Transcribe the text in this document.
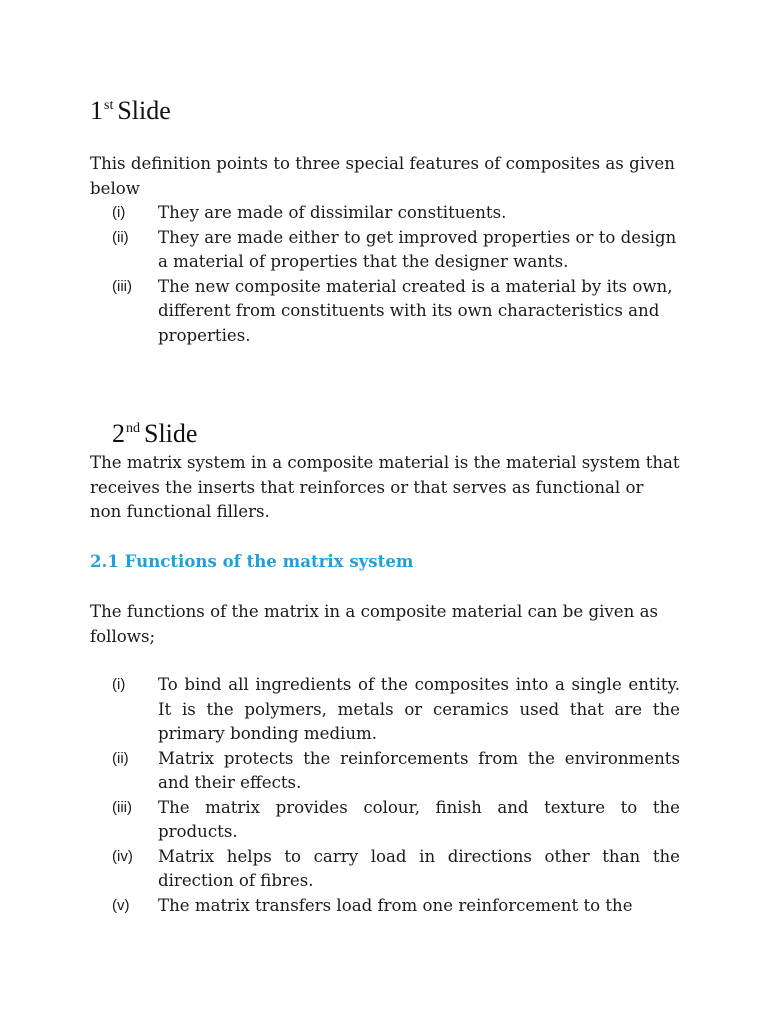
1st Slide

This definition points to three special features of composites as given below

(i)	They are made of dissimilar constituents.
(ii)	They are made either to get improved properties or to design a material of properties that the designer wants.
(iii)	The new composite material created is a material by its own, different from constituents with its own characteristics and properties.
2nd Slide

The matrix system in a composite material is the material system that receives the inserts that reinforces or that serves as functional or non functional fillers.

2.1 Functions of the matrix system

The functions of the matrix in a composite material can be given as follows;

(i)	To bind all ingredients of the composites into a single entity. It is the polymers, metals or ceramics used that are the primary bonding medium.
(ii)	Matrix protects the reinforcements from the environments and their effects.
(iii)	The matrix provides colour, finish and texture to the products.
(iv)	Matrix helps to carry load in directions other than the direction of fibres.
(v)	The matrix transfers load from one reinforcement to the
